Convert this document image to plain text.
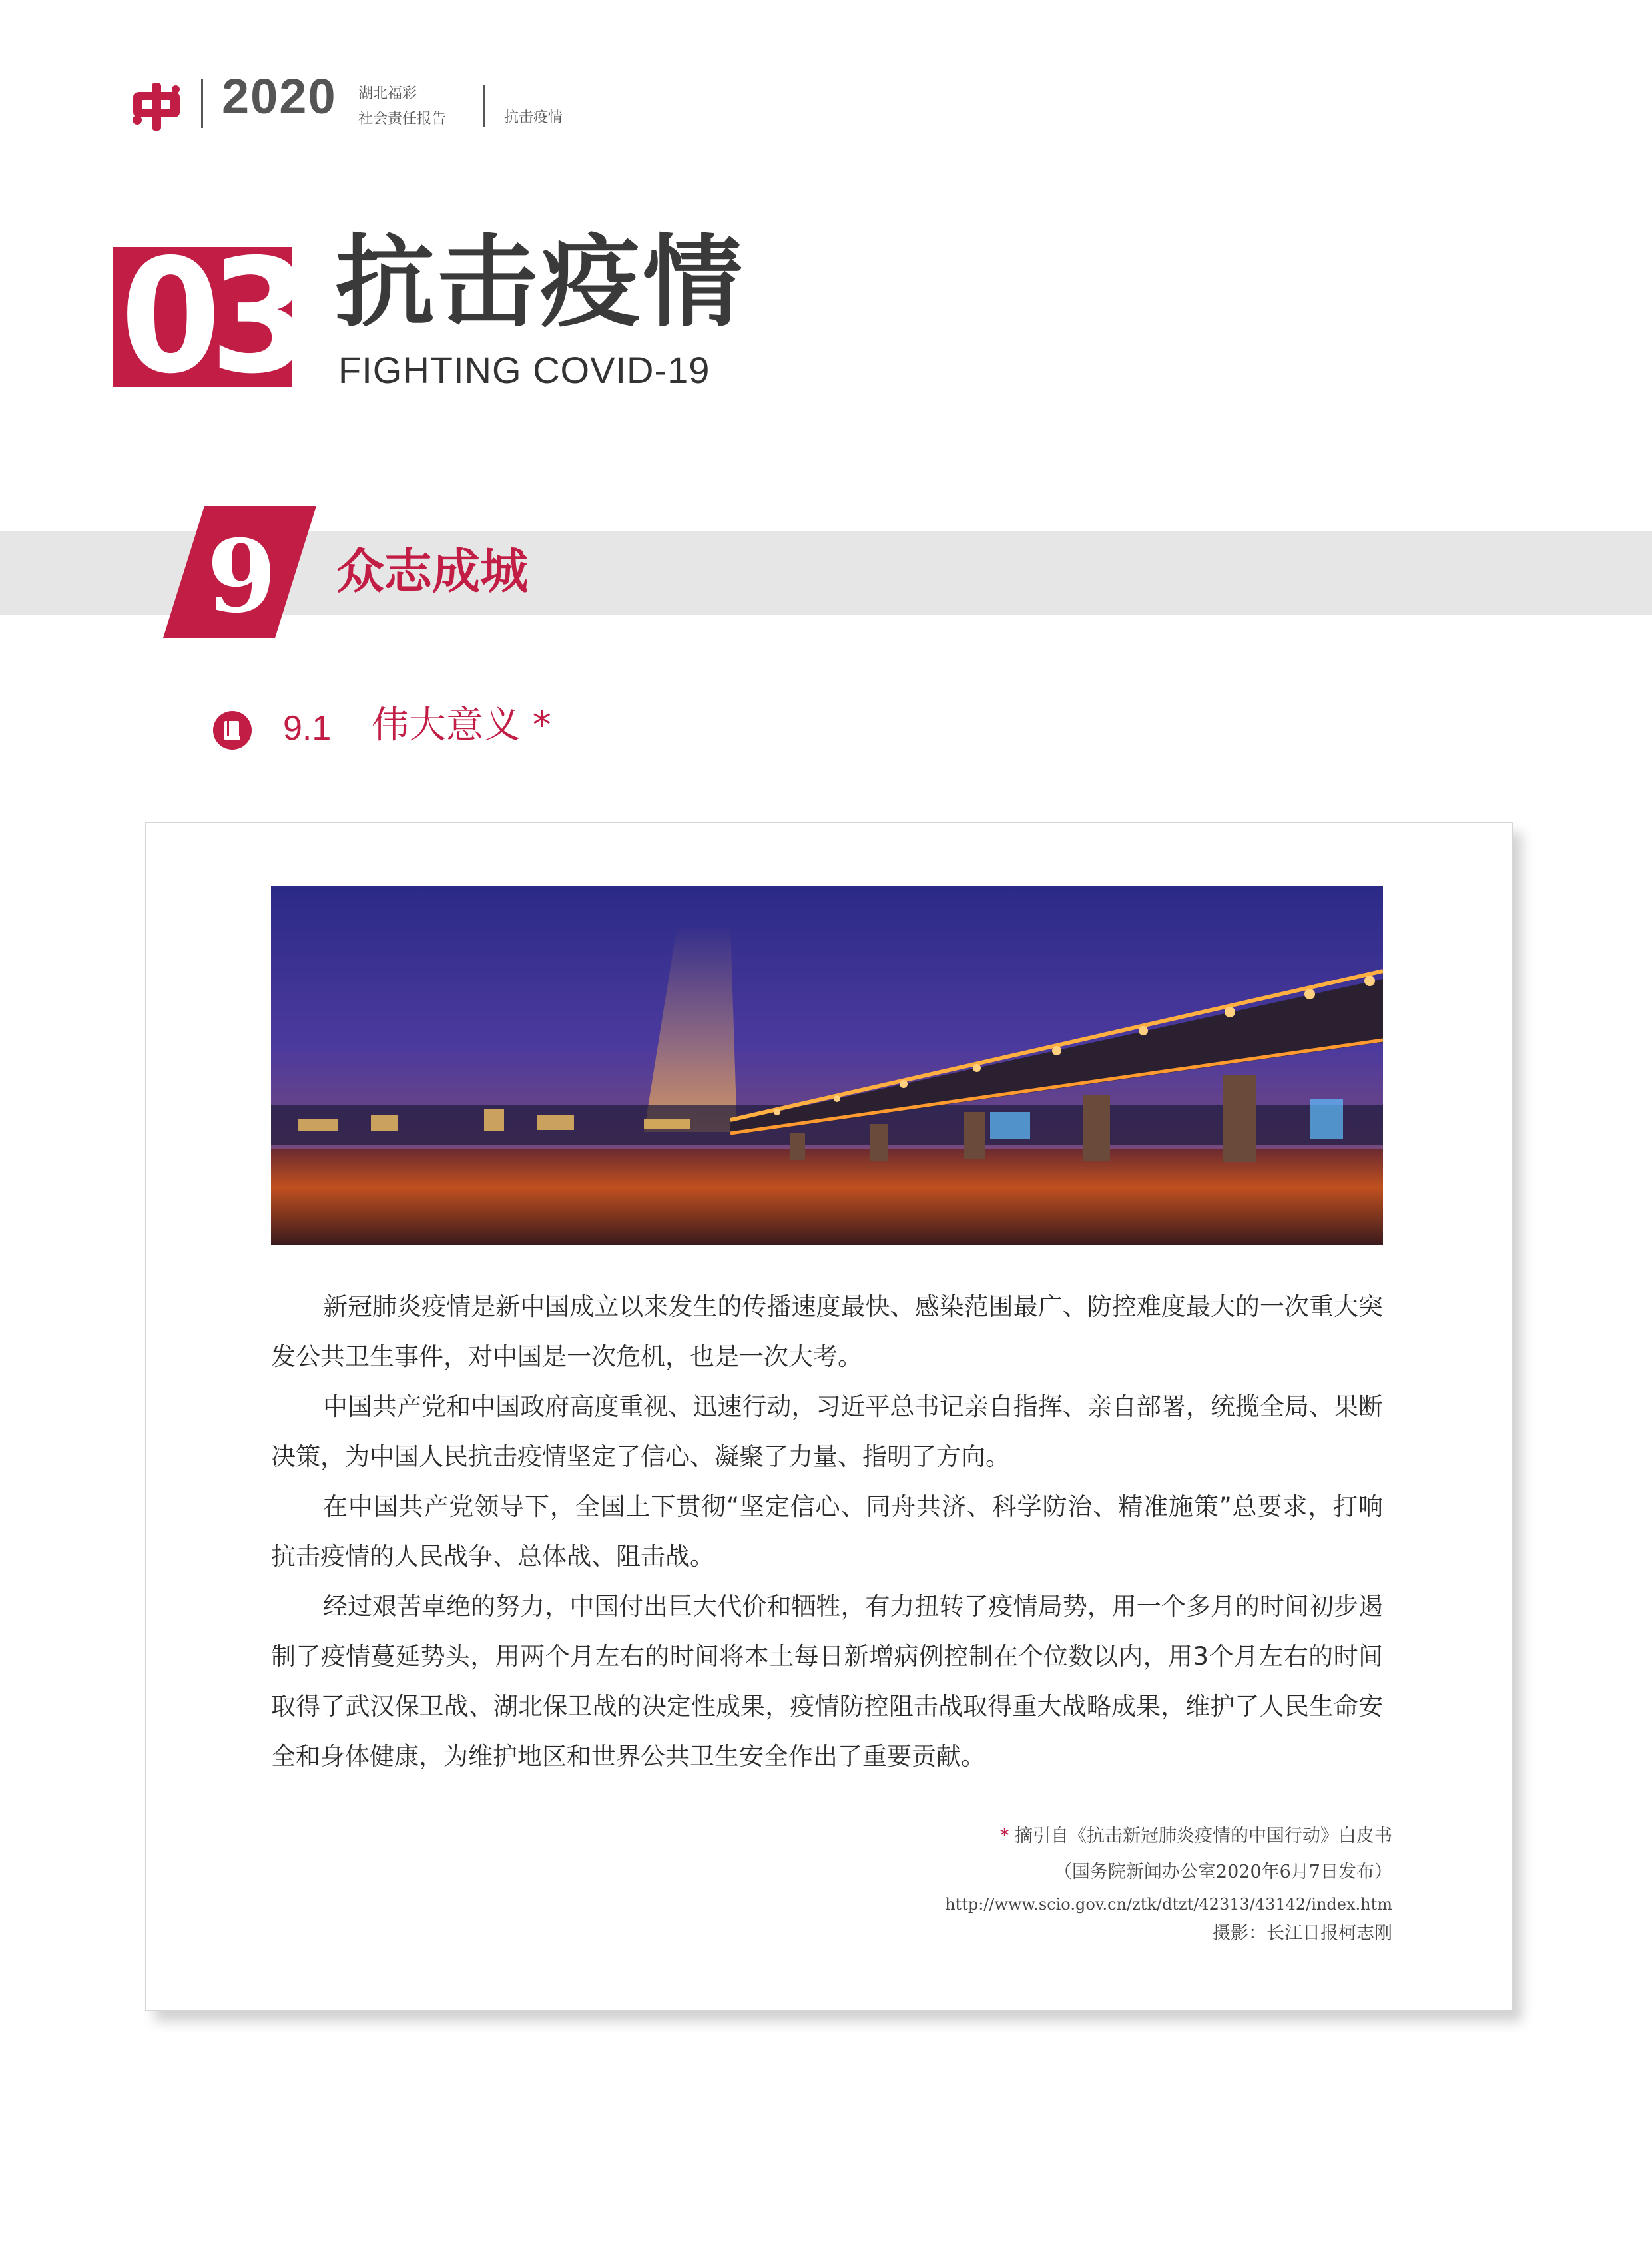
2020 湖北福彩
社会责任报告	抗击疫情
03 抗击疫情
FIGHTING COVID-19
9 众志成城
9.1 伟大意义 *

新冠肺炎疫情是新中国成立以来发生的传播速度最快、感染范围最广、防控难度最大的一次重大突发公共卫生事件，对中国是一次危机，也是一次大考。

中国共产党和中国政府高度重视、迅速行动，习近平总书记亲自指挥、亲自部署，统揽全局、果断决策，为中国人民抗击疫情坚定了信心、凝聚了力量、指明了方向。

在中国共产党领导下，全国上下贯彻“坚定信心、同舟共济、科学防治、精准施策”总要求，打响抗击疫情的人民战争、总体战、阻击战。

经过艰苦卓绝的努力，中国付出巨大代价和牺牲，有力扭转了疫情局势，用一个多月的时间初步遏制了疫情蔓延势头，用两个月左右的时间将本土每日新增病例控制在个位数以内，用3个月左右的时间取得了武汉保卫战、湖北保卫战的决定性成果，疫情防控阻击战取得重大战略成果，维护了人民生命安全和身体健康，为维护地区和世界公共卫生安全作出了重要贡献。

* 摘引自《抗击新冠肺炎疫情的中国行动》白皮书
（国务院新闻办公室2020年6月7日发布）
http://www.scio.gov.cn/ztk/dtzt/42313/43142/index.htm
摄影：长江日报柯志刚
